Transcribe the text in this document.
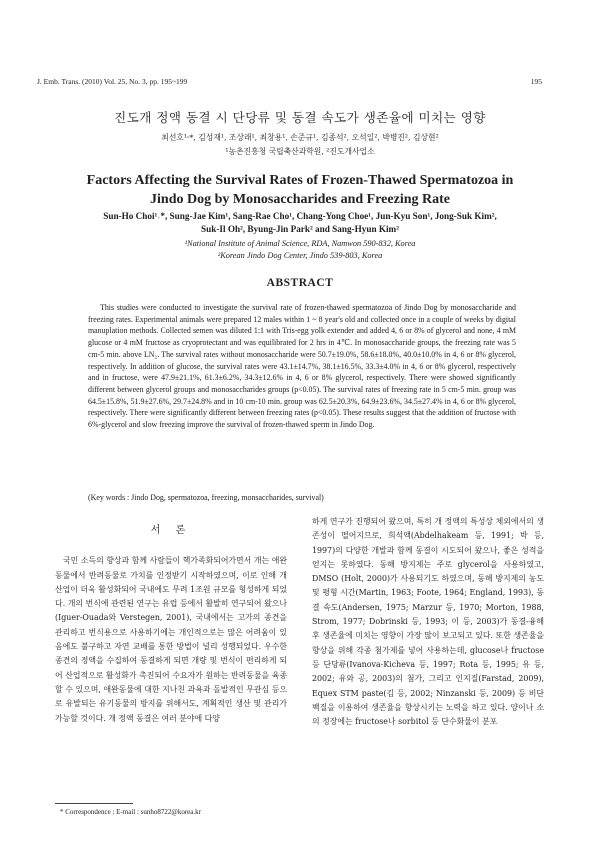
J. Emb. Trans. (2010) Vol. 25, No. 3, pp. 195~199	195
진도개 정액 동결 시 단당류 및 동결 속도가 생존율에 미치는 영향
최선호¹˒*, 김성재¹, 조상래¹, 최창용¹, 손준규¹, 김종석², 오석일², 박병진², 김상현²
¹농촌진흥청 국립축산과학원, ²진도개사업소
Factors Affecting the Survival Rates of Frozen-Thawed Spermatozoa in
Jindo Dog by Monosaccharides and Freezing Rate
Sun-Ho Choi¹˒*, Sung-Jae Kim¹, Sang-Rae Cho¹, Chang-Yong Choe¹, Jun-Kyu Son¹, Jong-Suk Kim²,
Suk-Il Oh², Byung-Jin Park² and Sang-Hyun Kim²
¹National Institute of Animal Science, RDA, Namwon 590-832, Korea
²Korean Jindo Dog Center, Jindo 539-803, Korea
ABSTRACT

This studies were conducted to investigate the survival rate of frozen-thawed spermatozoa of Jindo Dog by monosaccharide and freezing rates. Experimental animals were prepared 12 males within 1 ~ 8 year's old and collected once in a couple of weeks by digital manuplation methods. Collected semen was diluted 1:1 with Tris-egg yolk extender and added 4, 6 or 8% of glycerol and none, 4 mM glucose or 4 mM fructose as cryoprotectant and was equilibrated for 2 hrs in 4℃. In monosaccharide groups, the freezing rate was 5 cm-5 min. above LN₂. The survival rates without monosaccharide were 50.7±19.0%, 58.6±18.0%, 40.0±10.0% in 4, 6 or 8% glycerol, respectively. In addition of glucose, the survival rates were 43.1±14.7%, 38.1±16.5%, 33.3±4.0% in 4, 6 or 8% glycerol, respectively and in fructose, were 47.9±21.1%, 61.3±6.2%, 34.3±12.6% in 4, 6 or 8% glycerol, respectively. There were showed significantly different between glycerol groups and monosaccharides groups (p<0.05). The survival rates of freezing rate in 5 cm-5 min. group was 64.5±15.8%, 51.9±27.6%, 29.7±24.8% and in 10 cm-10 min. group was 62.5±20.3%, 64.9±23.6%, 34.5±27.4% in 4, 6 or 8% glycerol, respectively. There were significantly different between freezing rates (p<0.05). These results suggest that the addition of fructose with 6%-glycerol and slow freezing improve the survival of frozen-thawed sperm in Jindo Dog.

(Key words : Jindo Dog, spermatozoa, freezing, monsaccharides, survival)
서 론

국민 소득의 향상과 함께 사람들이 핵가족화되어가면서 개는 애완동물에서 반려동물로 가치를 인정받기 시작하였으며, 이로 인해 개 산업이 더욱 활성화되어 국내에도 무려 1조원 규모를 형성하게 되었다. 개의 번식에 관련된 연구는 유럽 등에서 활발히 연구되어 왔으나(Iguer-Ouada와 Verstegen, 2001), 국내에서는 고가의 종견을 관리하고 번식용으로 사용하기에는 개인적으로는 많은 어려움이 있음에도 불구하고 자연 교배를 통한 방법이 널리 성행되었다. 우수한 종견의 정액을 수집하여 동결하게 되면 개량 및 번식이 편리하게 되어 산업적으로 활성화가 촉진되어 수요자가 원하는 반려동물을 육종할 수 있으며, 애완동물에 대한 지나친 과욕과 돌발적인 무관심 등으로 유발되는 유기동물의 방지를 위해서도, 계획적인 생산 및 관리가 가능할 것이다. 개 정액 동결은 여러 분야에 다양

하게 연구가 진행되어 왔으며, 특히 개 정액의 특성상 체외에서의 생존성이 떨어지므로, 희석액(Abdelhakeam 등, 1991; 박 등, 1997)의 다양한 개발과 함께 동결이 시도되어 왔으나, 좋은 성적을 얻지는 못하였다. 동해 방지제는 주로 glycerol을 사용하였고, DMSO (Holt, 2000)가 사용되기도 하였으며, 동해 방지제의 농도 및 평형 시간(Martin, 1963; Foote, 1964; England, 1993), 동결 속도(Andersen, 1975; Marzur 등, 1970; Morton, 1988, Strom, 1977; Dobrinski 등, 1993; 이 등, 2003)가 동결-융해 후 생존율에 미치는 영향이 가장 많이 보고되고 있다. 또한 생존율을 향상을 위해 각종 첨가제를 넣어 사용하는데, glucose나 fructose 등 단당류(Ivanova-Kicheva 등, 1997; Rota 등, 1995; 유 등, 2002; 유와 공, 2003)의 첨가, 그리고 인지질(Farstad, 2009), Equex STM paste(김 등, 2002; Ninzanski 등, 2009) 등 비단백질을 이용하여 생존율을 향상시키는 노력을 하고 있다. 양이나 소의 정장에는 fructose나 sorbitol 등 단수화물이 분포

* Correspondence : E-mail : sunho8722@korea.kr
